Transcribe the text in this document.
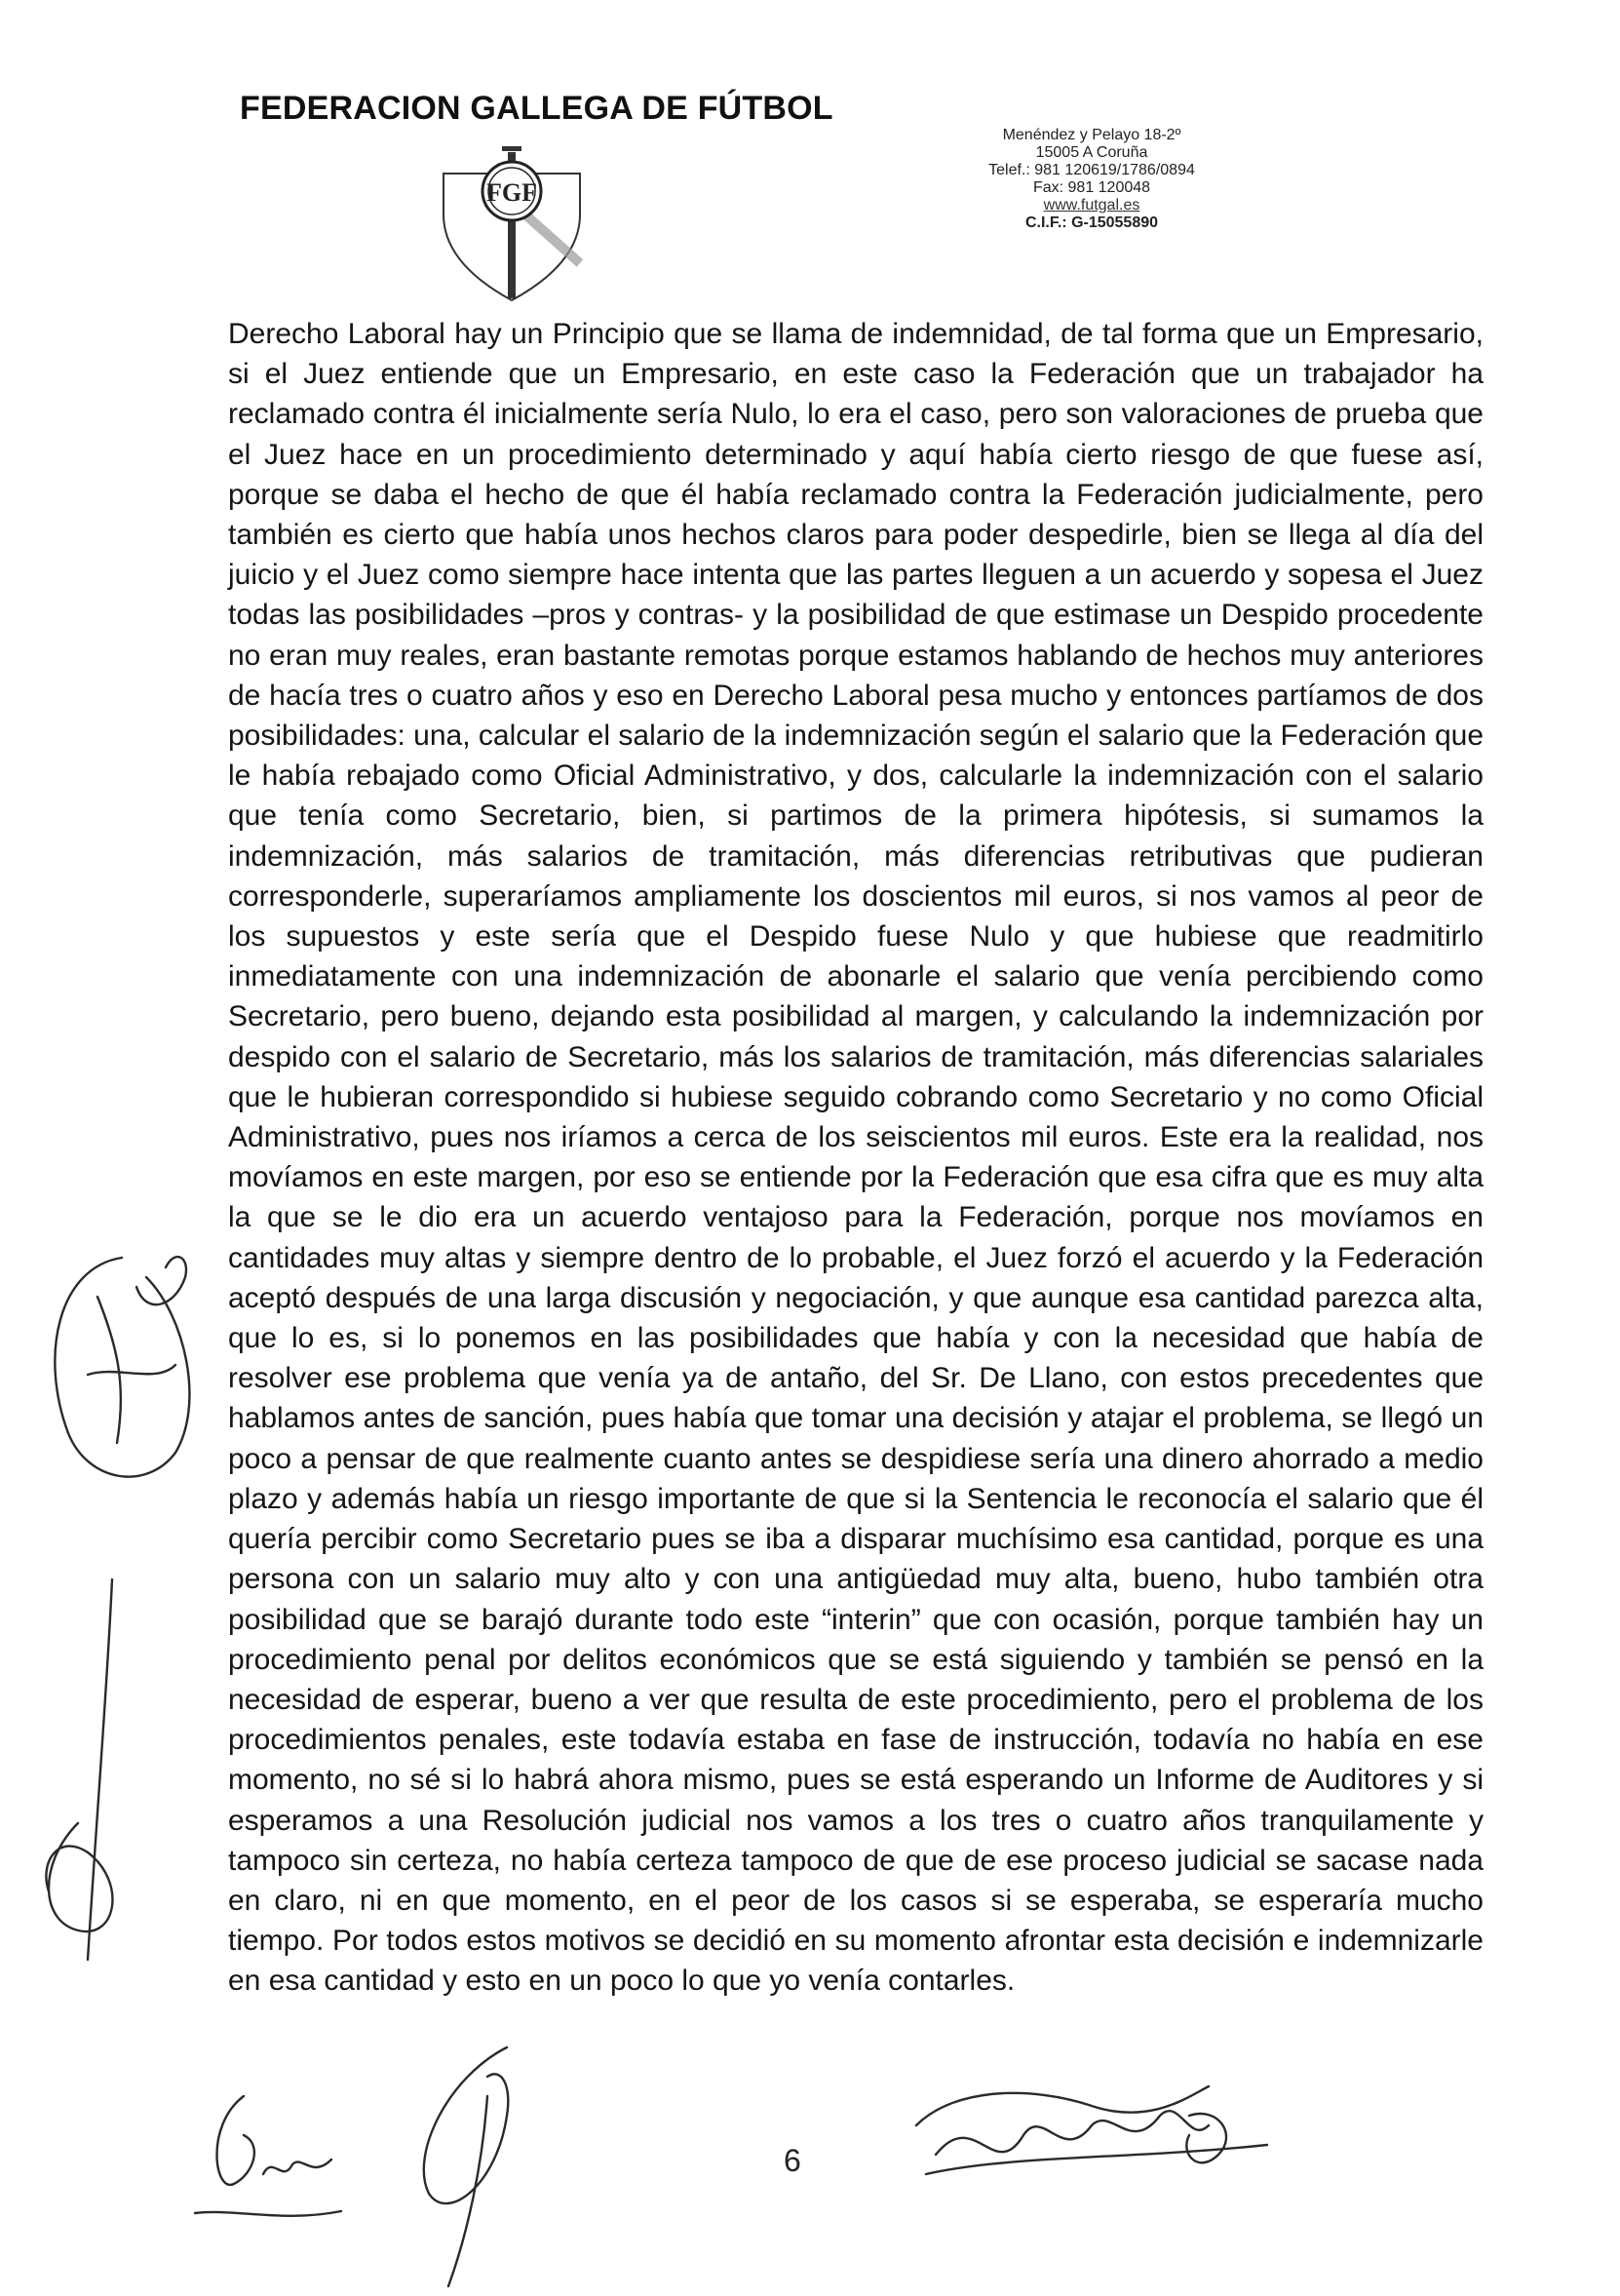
FEDERACION GALLEGA DE FÚTBOL
FGF
Menéndez y Pelayo 18-2º
15005 A Coruña
Telef.: 981 120619/1786/0894
Fax: 981 120048
www.futgal.es
C.I.F.: G-15055890
Derecho Laboral hay un Principio que se llama de indemnidad, de tal forma que un Empresario, si el Juez entiende que un Empresario, en este caso la Federación que un trabajador ha reclamado contra él inicialmente sería Nulo, lo era el caso, pero son valoraciones de prueba que el Juez hace en un procedimiento determinado y aquí había cierto riesgo de que fuese así, porque se daba el hecho de que él había reclamado contra la Federación judicialmente, pero también es cierto que había unos hechos claros para poder despedirle, bien se llega al día del juicio y el Juez como siempre hace intenta que las partes lleguen a un acuerdo y sopesa el Juez todas las posibilidades –pros y contras- y la posibilidad de que estimase un Despido procedente no eran muy reales, eran bastante remotas porque estamos hablando de hechos muy anteriores de hacía tres o cuatro años y eso en Derecho Laboral pesa mucho y entonces partíamos de dos posibilidades: una, calcular el salario de la indemnización según el salario que la Federación que le había rebajado como Oficial Administrativo, y dos, calcularle la indemnización con el salario que tenía como Secretario, bien, si partimos de la primera hipótesis, si sumamos la indemnización, más salarios de tramitación, más diferencias retributivas que pudieran corresponderle, superaríamos ampliamente los doscientos mil euros, si nos vamos al peor de los supuestos y este sería que el Despido fuese Nulo y que hubiese que readmitirlo inmediatamente con una indemnización de abonarle el salario que venía percibiendo como Secretario, pero bueno, dejando esta posibilidad al margen, y calculando la indemnización por despido con el salario de Secretario, más los salarios de tramitación, más diferencias salariales que le hubieran correspondido si hubiese seguido cobrando como Secretario y no como Oficial Administrativo, pues nos iríamos a cerca de los seiscientos mil euros. Este era la realidad, nos movíamos en este margen, por eso se entiende por la Federación que esa cifra que es muy alta la que se le dio era un acuerdo ventajoso para la Federación, porque nos movíamos en cantidades muy altas y siempre dentro de lo probable, el Juez forzó el acuerdo y la Federación aceptó después de una larga discusión y negociación, y que aunque esa cantidad parezca alta, que lo es, si lo ponemos en las posibilidades que había y con la necesidad que había de resolver ese problema que venía ya de antaño, del Sr. De Llano, con estos precedentes que hablamos antes de sanción, pues había que tomar una decisión y atajar el problema, se llegó un poco a pensar de que realmente cuanto antes se despidiese sería una dinero ahorrado a medio plazo y además había un riesgo importante de que si la Sentencia le reconocía el salario que él quería percibir como Secretario pues se iba a disparar muchísimo esa cantidad, porque es una persona con un salario muy alto y con una antigüedad muy alta, bueno, hubo también otra posibilidad que se barajó durante todo este “interin” que con ocasión, porque también hay un procedimiento penal por delitos económicos que se está siguiendo y también se pensó en la necesidad de esperar, bueno a ver que resulta de este procedimiento, pero el problema de los procedimientos penales, este todavía estaba en fase de instrucción, todavía no había en ese momento, no sé si lo habrá ahora mismo, pues se está esperando un Informe de Auditores y si esperamos a una Resolución judicial nos vamos a los tres o cuatro años tranquilamente y tampoco sin certeza, no había certeza tampoco de que de ese proceso judicial se sacase nada en claro, ni en que momento, en el peor de los casos si se esperaba, se esperaría mucho tiempo. Por todos estos motivos se decidió en su momento afrontar esta decisión e indemnizarle en esa cantidad y esto en un poco lo que yo venía contarles.
6
